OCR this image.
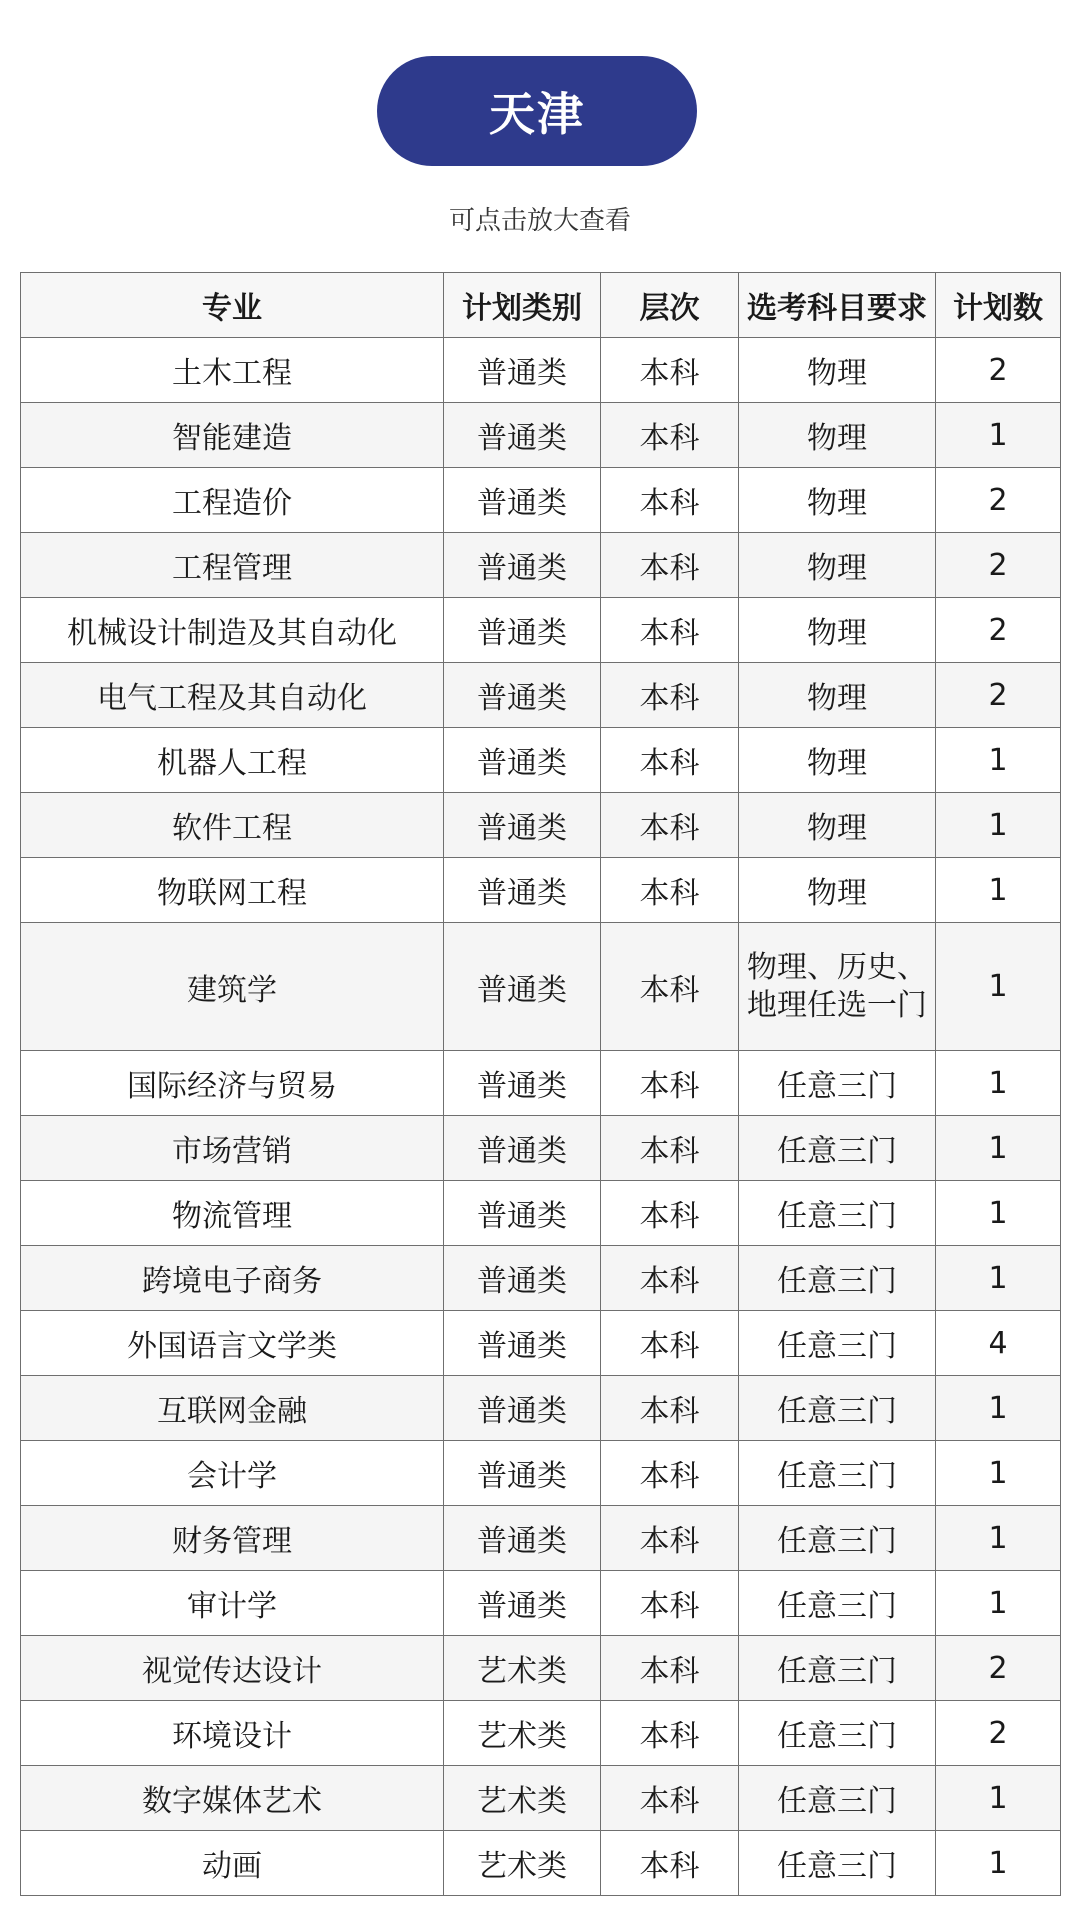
天津
可点击放大查看
专业	计划类别	层次	选考科目要求	计划数
土木工程	普通类	本科	物理	2
智能建造	普通类	本科	物理	1
工程造价	普通类	本科	物理	2
工程管理	普通类	本科	物理	2
机械设计制造及其自动化	普通类	本科	物理	2
电气工程及其自动化	普通类	本科	物理	2
机器人工程	普通类	本科	物理	1
软件工程	普通类	本科	物理	1
物联网工程	普通类	本科	物理	1
建筑学	普通类	本科	物理、历史、地理任选一门	1
国际经济与贸易	普通类	本科	任意三门	1
市场营销	普通类	本科	任意三门	1
物流管理	普通类	本科	任意三门	1
跨境电子商务	普通类	本科	任意三门	1
外国语言文学类	普通类	本科	任意三门	4
互联网金融	普通类	本科	任意三门	1
会计学	普通类	本科	任意三门	1
财务管理	普通类	本科	任意三门	1
审计学	普通类	本科	任意三门	1
视觉传达设计	艺术类	本科	任意三门	2
环境设计	艺术类	本科	任意三门	2
数字媒体艺术	艺术类	本科	任意三门	1
动画	艺术类	本科	任意三门	1
